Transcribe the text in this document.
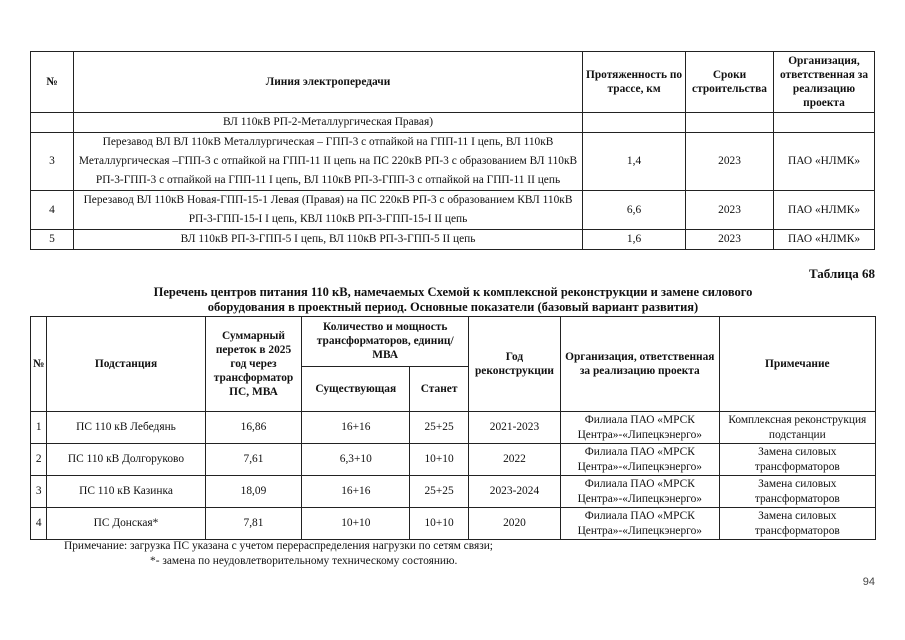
№	Линия электропередачи	Протяженность по трассе, км	Сроки строительства	Организация, ответственная за реализацию проекта
	ВЛ 110кВ РП-2-Металлургическая Правая)			
3	Перезавод ВЛ ВЛ 110кВ Металлургическая – ГПП-3 с отпайкой на ГПП-11 I цепь, ВЛ 110кВ Металлургическая –ГПП-3 с отпайкой на ГПП-11 II цепь на ПС 220кВ РП-3 с образованием ВЛ 110кВ РП-3-ГПП-3 с отпайкой на ГПП-11 I цепь, ВЛ 110кВ РП-3-ГПП-3 с отпайкой на ГПП-11 II цепь	1,4	2023	ПАО «НЛМК»
4	Перезавод ВЛ 110кВ Новая-ГПП-15-1 Левая (Правая) на ПС 220кВ РП-3 с образованием КВЛ 110кВ РП-3-ГПП-15-I I цепь, КВЛ 110кВ РП-3-ГПП-15-I II цепь	6,6	2023	ПАО «НЛМК»
5	ВЛ 110кВ РП-3-ГПП-5 I цепь, ВЛ 110кВ РП-3-ГПП-5 II цепь	1,6	2023	ПАО «НЛМК»
Таблица 68
Перечень центров питания 110 кВ, намечаемых Схемой к комплексной реконструкции и замене силового оборудования в проектный период. Основные показатели (базовый вариант развития)
№	Подстанция	Суммарный переток в 2025 год через трансформатор ПС, МВА	Количество и мощность трансформаторов, единиц/МВА		Год реконструкции	Организация, ответственная за реализацию проекта	Примечание
			Существующая	Станет			
1	ПС 110 кВ Лебедянь	16,86	16+16	25+25	2021-2023	Филиала ПАО «МРСК Центра»-«Липецкэнерго»	Комплексная реконструкция подстанции
2	ПС 110 кВ Долгоруково	7,61	6,3+10	10+10	2022	Филиала ПАО «МРСК Центра»-«Липецкэнерго»	Замена силовых трансформаторов
3	ПС 110 кВ Казинка	18,09	16+16	25+25	2023-2024	Филиала ПАО «МРСК Центра»-«Липецкэнерго»	Замена силовых трансформаторов
4	ПС Донская*	7,81	10+10	10+10	2020	Филиала ПАО «МРСК Центра»-«Липецкэнерго»	Замена силовых трансформаторов
Примечание: загрузка ПС указана с учетом перераспределения нагрузки по сетям связи;
*- замена по неудовлетворительному техническому состоянию.
94
